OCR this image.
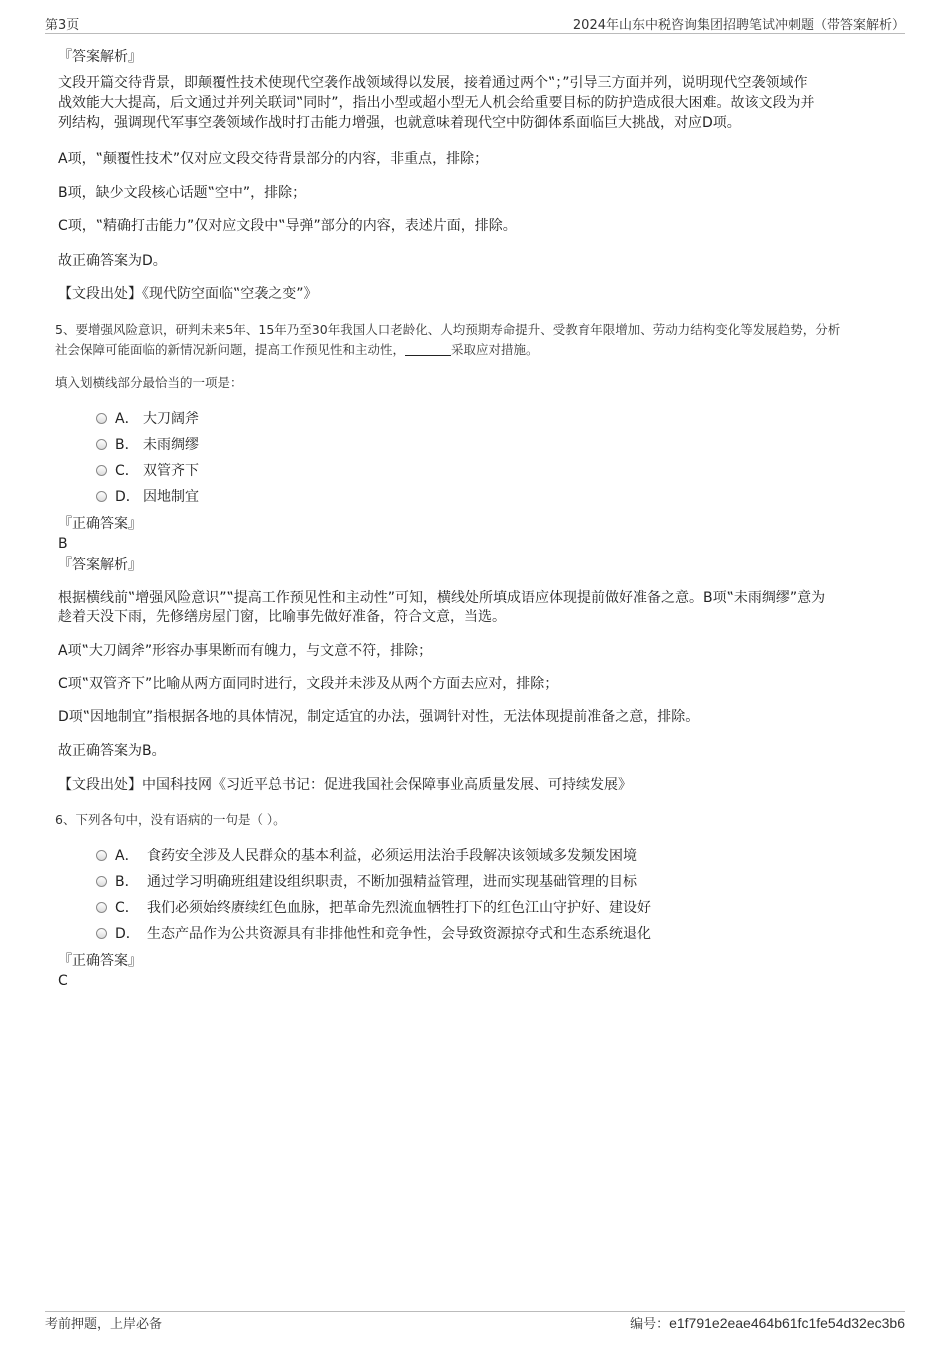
第3页	2024年山东中税咨询集团招聘笔试冲刺题（带答案解析）
『答案解析』
文段开篇交待背景，即颠覆性技术使现代空袭作战领域得以发展，接着通过两个‟；”引导三方面并列，说明现代空袭领域作
战效能大大提高，后文通过并列关联词‟同时”，指出小型或超小型无人机会给重要目标的防护造成很大困难。故该文段为并
列结构，强调现代军事空袭领域作战时打击能力增强，也就意味着现代空中防御体系面临巨大挑战，对应D项。
A项，‟颠覆性技术”仅对应文段交待背景部分的内容，非重点，排除；
B项，缺少文段核心话题‟空中”，排除；
C项，‟精确打击能力”仅对应文段中‟导弹”部分的内容，表述片面，排除。
故正确答案为D。
【文段出处】《现代防空面临‟空袭之变”》
5、要增强风险意识，研判未来5年、15年乃至30年我国人口老龄化、人均预期寿命提升、受教育年限增加、劳动力结构变化等发展趋势，分析
社会保障可能面临的新情况新问题，提高工作预见性和主动性，	采取应对措施。
填入划横线部分最恰当的一项是：
A． 大刀阔斧
B． 未雨绸缪
C． 双管齐下
D． 因地制宜
『正确答案』
B
『答案解析』
根据横线前‟增强风险意识”‟提高工作预见性和主动性”可知，横线处所填成语应体现提前做好准备之意。B项‟未雨绸缪”意为
趁着天没下雨，先修缮房屋门窗，比喻事先做好准备，符合文意，当选。
A项‟大刀阔斧”形容办事果断而有魄力，与文意不符，排除；
C项‟双管齐下”比喻从两方面同时进行，文段并未涉及从两个方面去应对，排除；
D项‟因地制宜”指根据各地的具体情况，制定适宜的办法，强调针对性，无法体现提前准备之意，排除。
故正确答案为B。
【文段出处】中国科技网《习近平总书记：促进我国社会保障事业高质量发展、可持续发展》
6、下列各句中，没有语病的一句是（ ）。
A． 食药安全涉及人民群众的基本利益，必须运用法治手段解决该领域多发频发困境
B． 通过学习明确班组建设组织职责，不断加强精益管理，进而实现基础管理的目标
C． 我们必须始终赓续红色血脉，把革命先烈流血牺牲打下的红色江山守护好、建设好
D． 生态产品作为公共资源具有非排他性和竞争性，会导致资源掠夺式和生态系统退化
『正确答案』
C
考前押题，上岸必备	编号：e1f791e2eae464b61fc1fe54d32ec3b6
